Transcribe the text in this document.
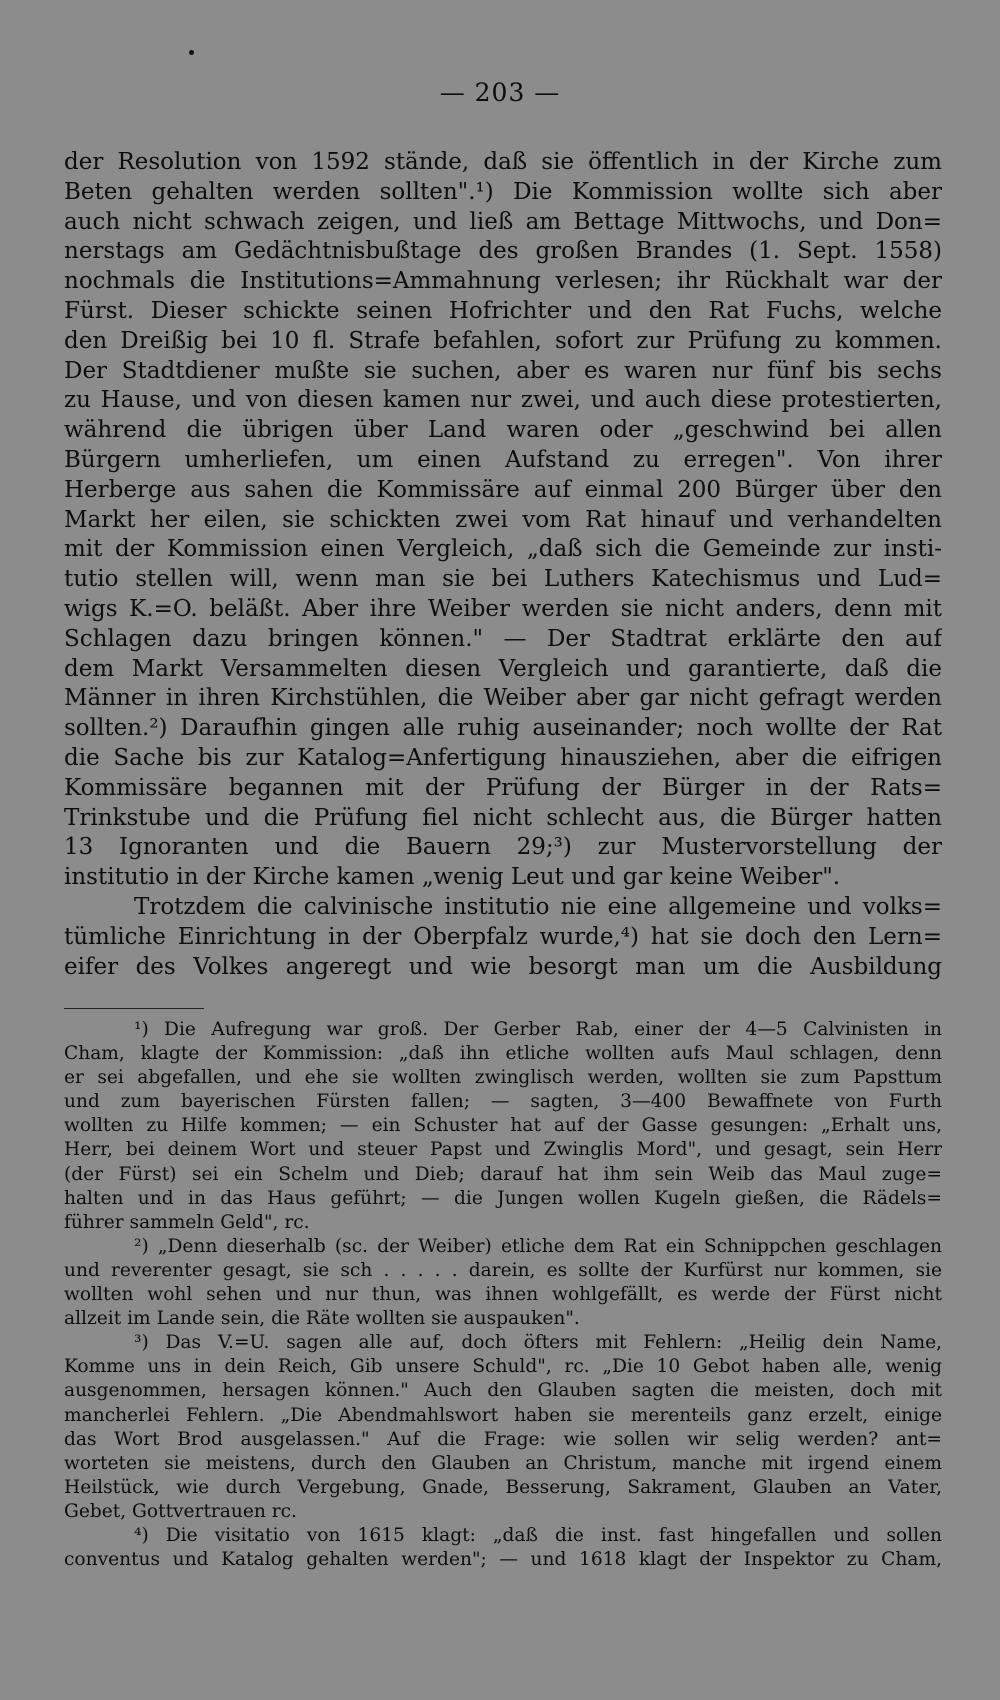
— 203 —
der Resolution von 1592 stände, daß sie öffentlich in der Kirche zum
Beten gehalten werden sollten".¹) Die Kommission wollte sich aber
auch nicht schwach zeigen, und ließ am Bettage Mittwochs, und Don=
nerstags am Gedächtnisbußtage des großen Brandes (1. Sept. 1558)
nochmals die Institutions=Ammahnung verlesen; ihr Rückhalt war der
Fürst. Dieser schickte seinen Hofrichter und den Rat Fuchs, welche
den Dreißig bei 10 fl. Strafe befahlen, sofort zur Prüfung zu kommen.
Der Stadtdiener mußte sie suchen, aber es waren nur fünf bis sechs
zu Hause, und von diesen kamen nur zwei, und auch diese protestierten,
während die übrigen über Land waren oder „geschwind bei allen
Bürgern umherliefen, um einen Aufstand zu erregen". Von ihrer
Herberge aus sahen die Kommissäre auf einmal 200 Bürger über den
Markt her eilen, sie schickten zwei vom Rat hinauf und verhandelten
mit der Kommission einen Vergleich, „daß sich die Gemeinde zur insti-
tutio stellen will, wenn man sie bei Luthers Katechismus und Lud=
wigs K.=O. beläßt. Aber ihre Weiber werden sie nicht anders, denn mit
Schlagen dazu bringen können." — Der Stadtrat erklärte den auf
dem Markt Versammelten diesen Vergleich und garantierte, daß die
Männer in ihren Kirchstühlen, die Weiber aber gar nicht gefragt werden
sollten.²) Daraufhin gingen alle ruhig auseinander; noch wollte der Rat
die Sache bis zur Katalog=Anfertigung hinausziehen, aber die eifrigen
Kommissäre begannen mit der Prüfung der Bürger in der Rats=
Trinkstube und die Prüfung fiel nicht schlecht aus, die Bürger hatten
13 Ignoranten und die Bauern 29;³) zur Mustervorstellung der
institutio in der Kirche kamen „wenig Leut und gar keine Weiber".
Trotzdem die calvinische institutio nie eine allgemeine und volks=
tümliche Einrichtung in der Oberpfalz wurde,⁴) hat sie doch den Lern=
eifer des Volkes angeregt und wie besorgt man um die Ausbildung
¹) Die Aufregung war groß. Der Gerber Rab, einer der 4—5 Calvinisten in
Cham, klagte der Kommission: „daß ihn etliche wollten aufs Maul schlagen, denn
er sei abgefallen, und ehe sie wollten zwinglisch werden, wollten sie zum Papsttum
und zum bayerischen Fürsten fallen; — sagten, 3—400 Bewaffnete von Furth
wollten zu Hilfe kommen; — ein Schuster hat auf der Gasse gesungen: „Erhalt uns,
Herr, bei deinem Wort und steuer Papst und Zwinglis Mord", und gesagt, sein Herr
(der Fürst) sei ein Schelm und Dieb; darauf hat ihm sein Weib das Maul zuge=
halten und in das Haus geführt; — die Jungen wollen Kugeln gießen, die Rädels=
führer sammeln Geld", rc.
²) „Denn dieserhalb (sc. der Weiber) etliche dem Rat ein Schnippchen geschlagen
und reverenter gesagt, sie sch . . . . . darein, es sollte der Kurfürst nur kommen, sie
wollten wohl sehen und nur thun, was ihnen wohlgefällt, es werde der Fürst nicht
allzeit im Lande sein, die Räte wollten sie auspauken".
³) Das V.=U. sagen alle auf, doch öfters mit Fehlern: „Heilig dein Name,
Komme uns in dein Reich, Gib unsere Schuld", rc. „Die 10 Gebot haben alle, wenig
ausgenommen, hersagen können." Auch den Glauben sagten die meisten, doch mit
mancherlei Fehlern. „Die Abendmahlswort haben sie merenteils ganz erzelt, einige
das Wort Brod ausgelassen." Auf die Frage: wie sollen wir selig werden? ant=
worteten sie meistens, durch den Glauben an Christum, manche mit irgend einem
Heilstück, wie durch Vergebung, Gnade, Besserung, Sakrament, Glauben an Vater,
Gebet, Gottvertrauen rc.
⁴) Die visitatio von 1615 klagt: „daß die inst. fast hingefallen und sollen
conventus und Katalog gehalten werden"; — und 1618 klagt der Inspektor zu Cham,
